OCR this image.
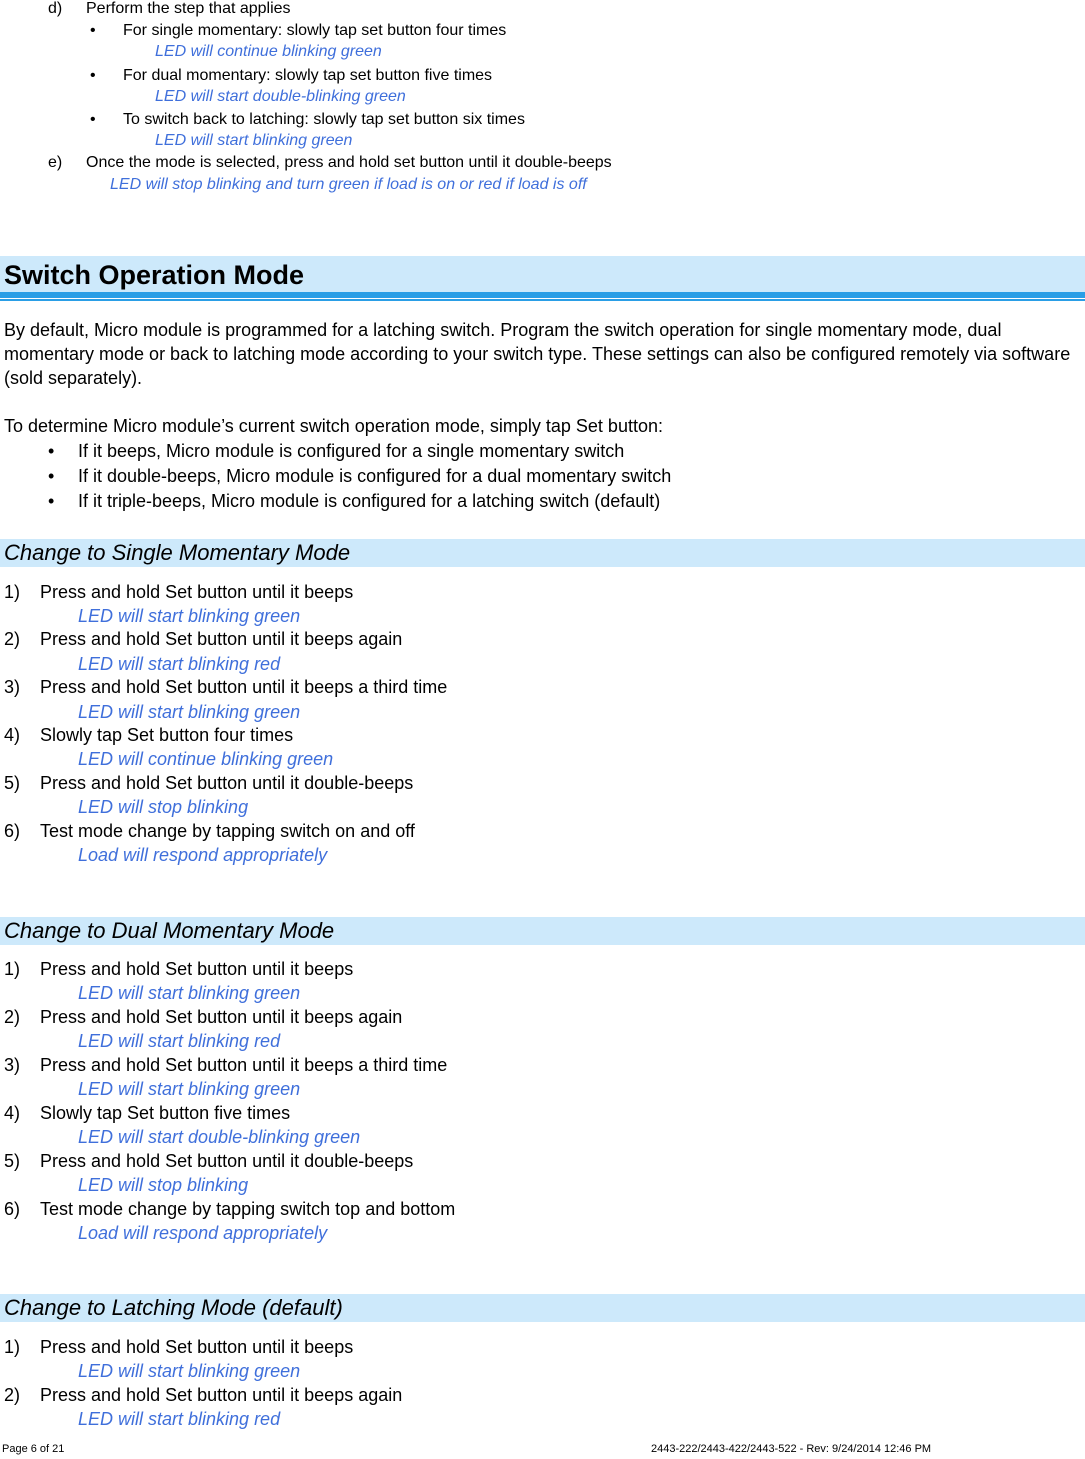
d) Perform the step that applies
• For single momentary: slowly tap set button four times
LED will continue blinking green
• For dual momentary: slowly tap set button five times
LED will start double-blinking green
• To switch back to latching: slowly tap set button six times
LED will start blinking green
e) Once the mode is selected, press and hold set button until it double-beeps
LED will stop blinking and turn green if load is on or red if load is off
Switch Operation Mode
By default, Micro module is programmed for a latching switch. Program the switch operation for single momentary mode, dual momentary mode or back to latching mode according to your switch type. These settings can also be configured remotely via software (sold separately).
To determine Micro module’s current switch operation mode, simply tap Set button:
• If it beeps, Micro module is configured for a single momentary switch
• If it double-beeps, Micro module is configured for a dual momentary switch
• If it triple-beeps, Micro module is configured for a latching switch (default)
Change to Single Momentary Mode
1) Press and hold Set button until it beeps
LED will start blinking green
2) Press and hold Set button until it beeps again
LED will start blinking red
3) Press and hold Set button until it beeps a third time
LED will start blinking green
4) Slowly tap Set button four times
LED will continue blinking green
5) Press and hold Set button until it double-beeps
LED will stop blinking
6) Test mode change by tapping switch on and off
Load will respond appropriately
Change to Dual Momentary Mode
1) Press and hold Set button until it beeps
LED will start blinking green
2) Press and hold Set button until it beeps again
LED will start blinking red
3) Press and hold Set button until it beeps a third time
LED will start blinking green
4) Slowly tap Set button five times
LED will start double-blinking green
5) Press and hold Set button until it double-beeps
LED will stop blinking
6) Test mode change by tapping switch top and bottom
Load will respond appropriately
Change to Latching Mode (default)
1) Press and hold Set button until it beeps
LED will start blinking green
2) Press and hold Set button until it beeps again
LED will start blinking red
Page 6 of 21	2443-222/2443-422/2443-522 - Rev: 9/24/2014 12:46 PM
